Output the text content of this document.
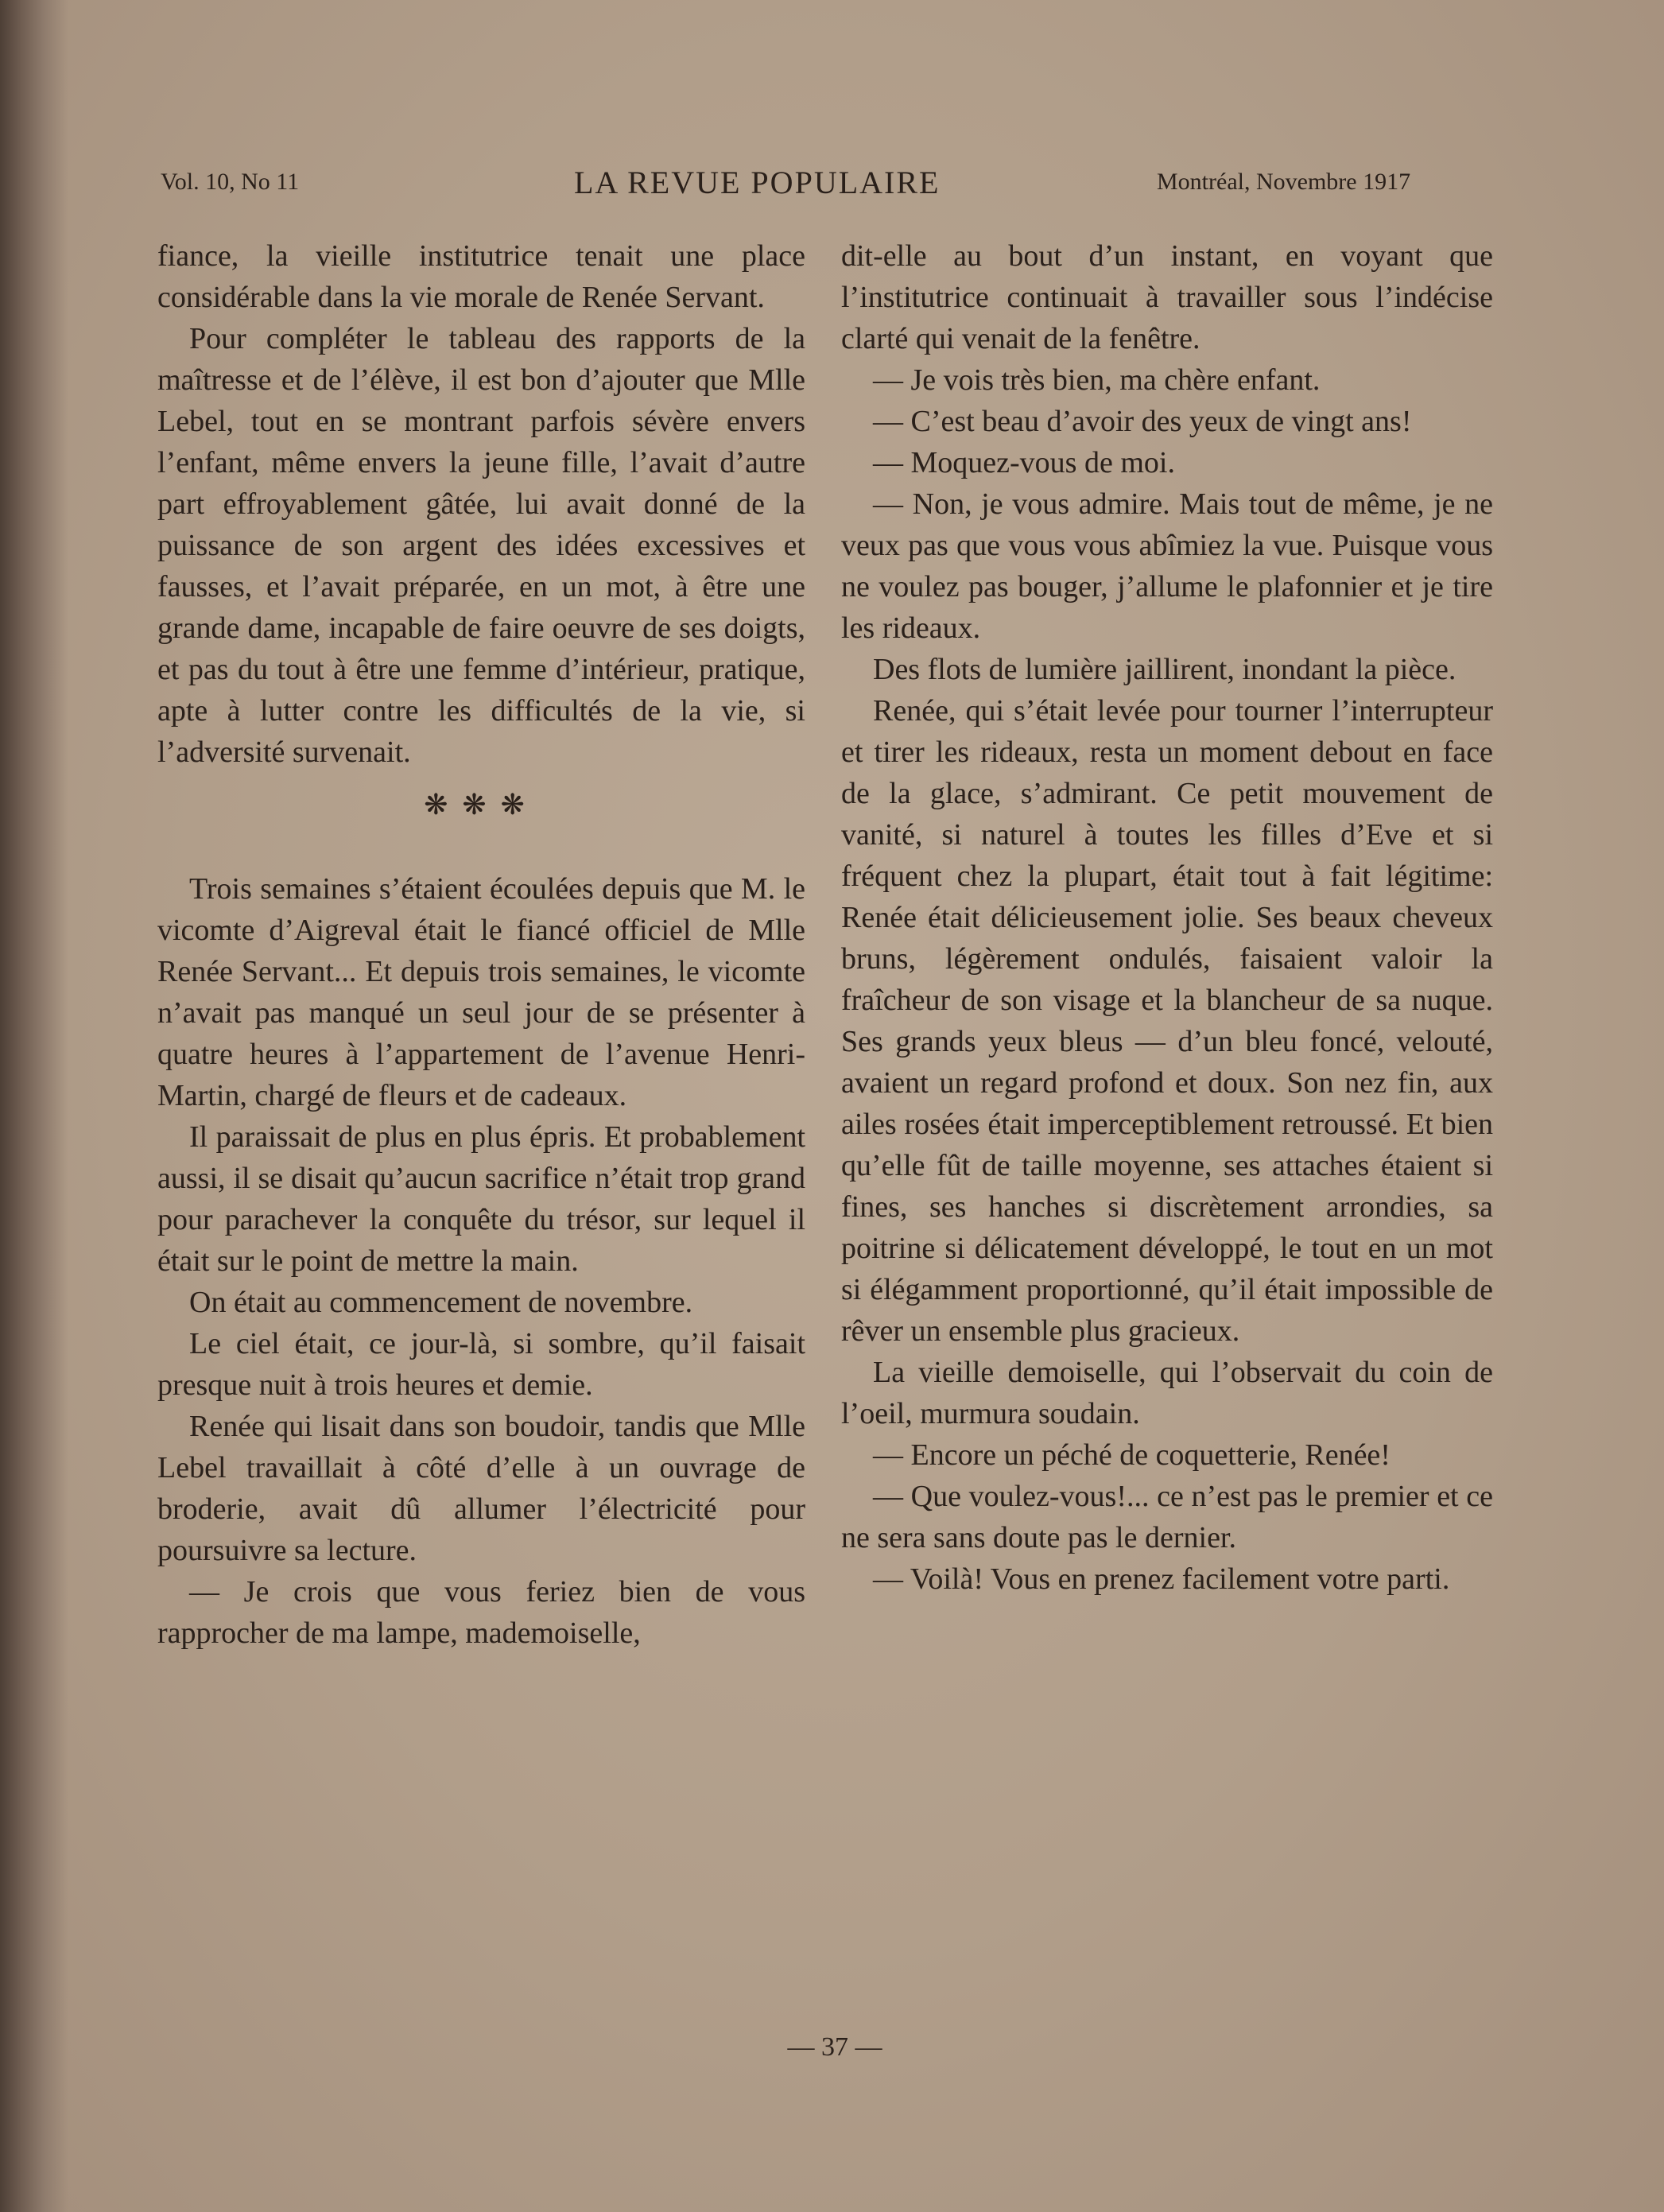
Vol. 10, No 11	LA REVUE POPULAIRE	Montréal, Novembre 1917

fiance, la vieille institutrice tenait une place considérable dans la vie morale de Renée Servant.

Pour compléter le tableau des rapports de la maîtresse et de l’élève, il est bon d’ajouter que Mlle Lebel, tout en se montrant parfois sévère envers l’enfant, même envers la jeune fille, l’avait d’autre part effroyablement gâtée, lui avait donné de la puissance de son argent des idées excessives et fausses, et l’avait préparée, en un mot, à être une grande dame, incapable de faire oeuvre de ses doigts, et pas du tout à être une femme d’intérieur, pratique, apte à lutter contre les difficultés de la vie, si l’adversité survenait.

❋❋❋

Trois semaines s’étaient écoulées depuis que M. le vicomte d’Aigreval était le fiancé officiel de Mlle Renée Servant... Et depuis trois semaines, le vicomte n’avait pas manqué un seul jour de se présenter à quatre heures à l’appartement de l’avenue Henri-Martin, chargé de fleurs et de cadeaux.

Il paraissait de plus en plus épris. Et probablement aussi, il se disait qu’aucun sacrifice n’était trop grand pour parachever la conquête du trésor, sur lequel il était sur le point de mettre la main.

On était au commencement de novembre.

Le ciel était, ce jour-là, si sombre, qu’il faisait presque nuit à trois heures et demie.

Renée qui lisait dans son boudoir, tandis que Mlle Lebel travaillait à côté d’elle à un ouvrage de broderie, avait dû allumer l’électricité pour poursuivre sa lecture.

— Je crois que vous feriez bien de vous rapprocher de ma lampe, mademoiselle,

dit-elle au bout d’un instant, en voyant que l’institutrice continuait à travailler sous l’indécise clarté qui venait de la fenêtre.

— Je vois très bien, ma chère enfant.

— C’est beau d’avoir des yeux de vingt ans!

— Moquez-vous de moi.

— Non, je vous admire. Mais tout de même, je ne veux pas que vous vous abîmiez la vue. Puisque vous ne voulez pas bouger, j’allume le plafonnier et je tire les rideaux.

Des flots de lumière jaillirent, inondant la pièce.

Renée, qui s’était levée pour tourner l’interrupteur et tirer les rideaux, resta un moment debout en face de la glace, s’admirant. Ce petit mouvement de vanité, si naturel à toutes les filles d’Eve et si fréquent chez la plupart, était tout à fait légitime: Renée était délicieusement jolie. Ses beaux cheveux bruns, légèrement ondulés, faisaient valoir la fraîcheur de son visage et la blancheur de sa nuque. Ses grands yeux bleus — d’un bleu foncé, velouté, avaient un regard profond et doux. Son nez fin, aux ailes rosées était imperceptiblement retroussé. Et bien qu’elle fût de taille moyenne, ses attaches étaient si fines, ses hanches si discrètement arrondies, sa poitrine si délicatement développé, le tout en un mot si élégamment proportionné, qu’il était impossible de rêver un ensemble plus gracieux.

La vieille demoiselle, qui l’observait du coin de l’oeil, murmura soudain.

— Encore un péché de coquetterie, Renée!

— Que voulez-vous!... ce n’est pas le premier et ce ne sera sans doute pas le dernier.

— Voilà! Vous en prenez facilement votre parti.

— 37 —
